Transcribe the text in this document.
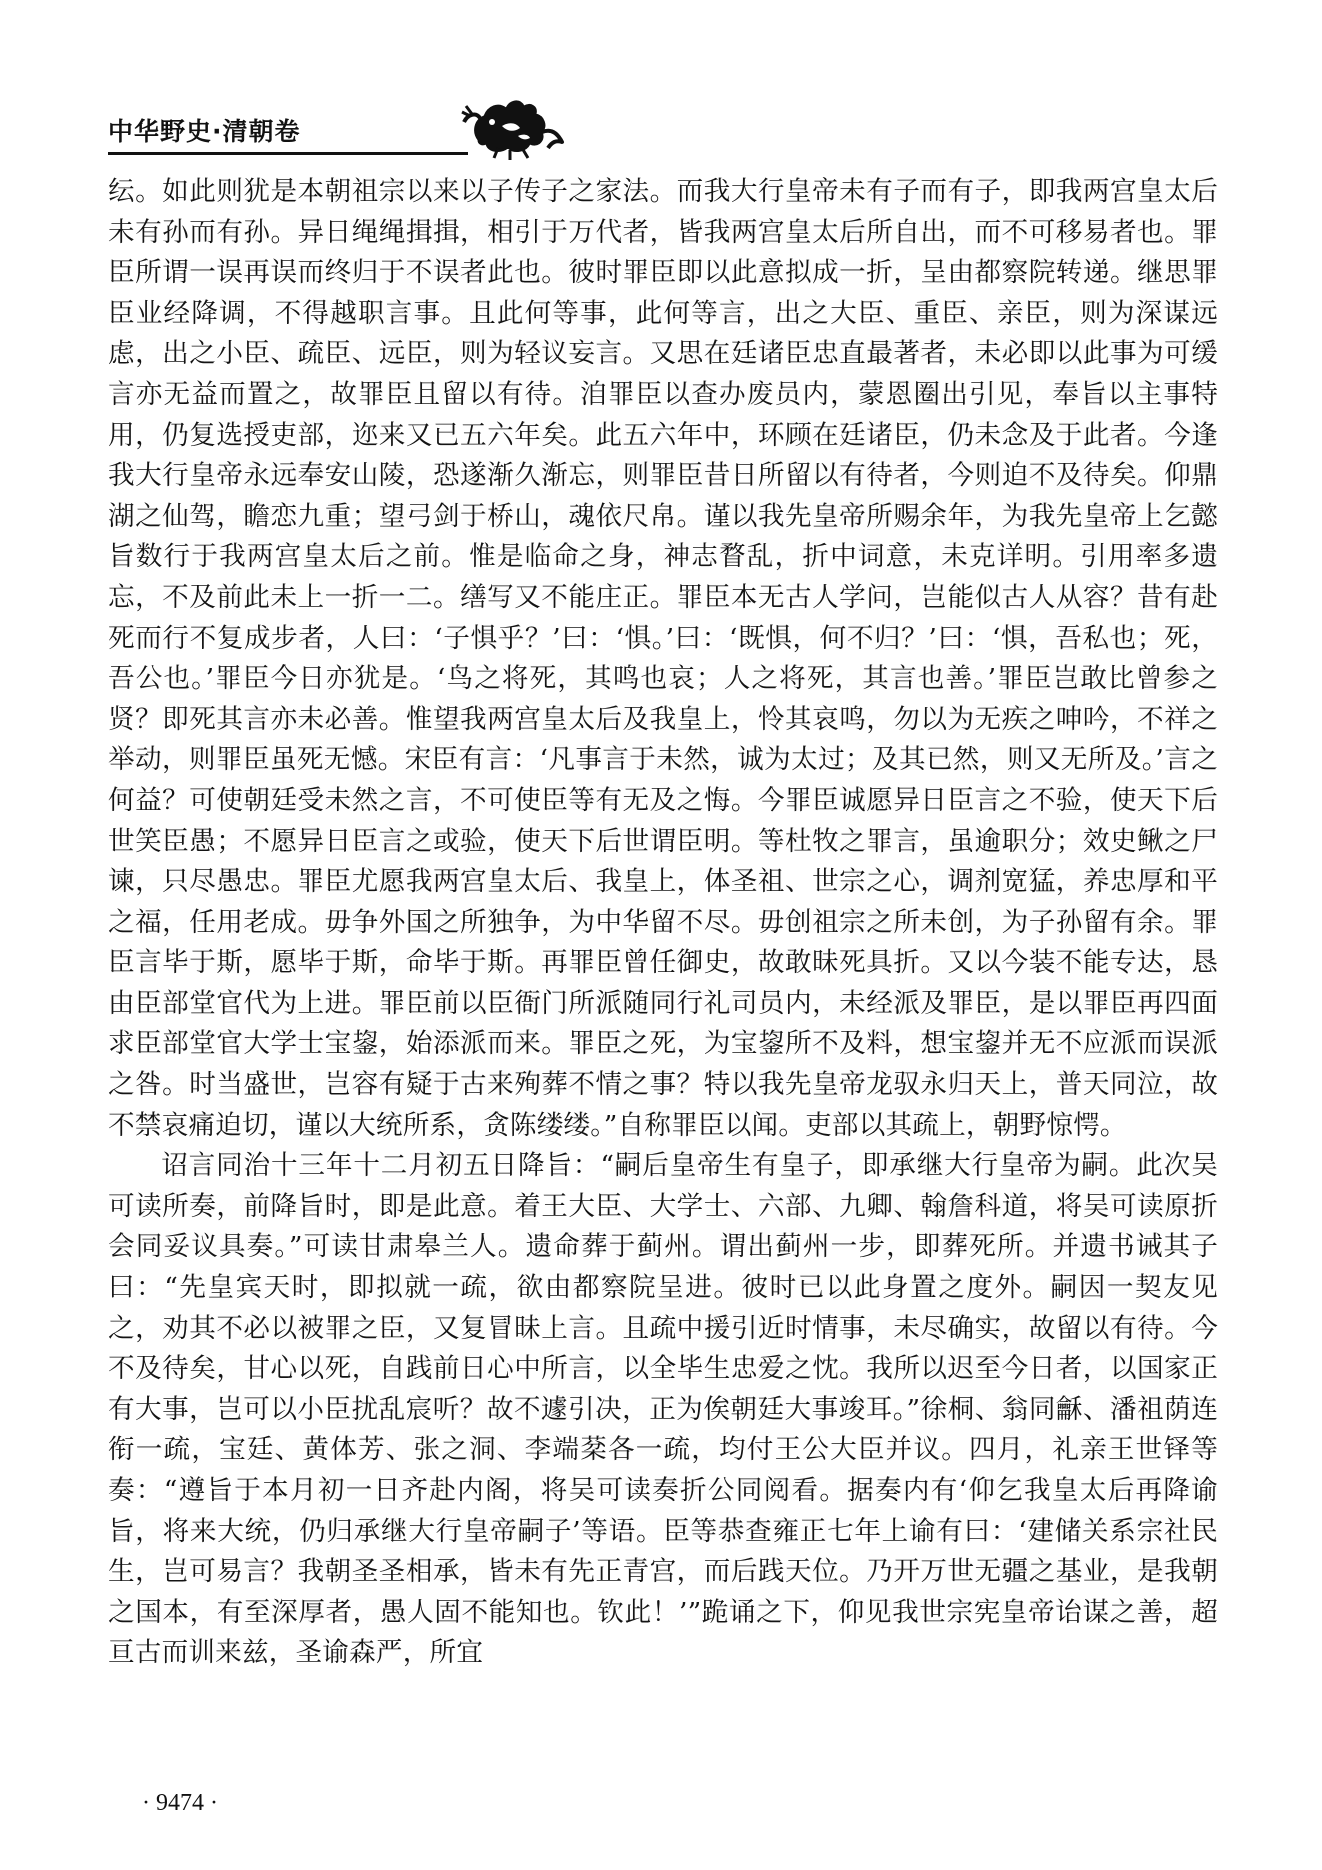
中华野史·清朝卷

纭。如此则犹是本朝祖宗以来以子传子之家法。而我大行皇帝未有子而有子，即我两宫皇太后未有孙而有孙。异日绳绳揖揖，相引于万代者，皆我两宫皇太后所自出，而不可移易者也。罪臣所谓一误再误而终归于不误者此也。彼时罪臣即以此意拟成一折，呈由都察院转递。继思罪臣业经降调，不得越职言事。且此何等事，此何等言，出之大臣、重臣、亲臣，则为深谋远虑，出之小臣、疏臣、远臣，则为轻议妄言。又思在廷诸臣忠直最著者，未必即以此事为可缓言亦无益而置之，故罪臣且留以有待。洎罪臣以查办废员内，蒙恩圈出引见，奉旨以主事特用，仍复选授吏部，迩来又已五六年矣。此五六年中，环顾在廷诸臣，仍未念及于此者。今逢我大行皇帝永远奉安山陵，恐遂渐久渐忘，则罪臣昔日所留以有待者，今则迫不及待矣。仰鼎湖之仙驾，瞻恋九重；望弓剑于桥山，魂依尺帛。谨以我先皇帝所赐余年，为我先皇帝上乞懿旨数行于我两宫皇太后之前。惟是临命之身，神志瞀乱，折中词意，未克详明。引用率多遗忘，不及前此未上一折一二。缮写又不能庄正。罪臣本无古人学问，岂能似古人从容？昔有赴死而行不复成步者，人曰：‘子惧乎？’曰：‘惧。’曰：‘既惧，何不归？’曰：‘惧，吾私也；死，吾公也。’罪臣今日亦犹是。‘鸟之将死，其鸣也哀；人之将死，其言也善。’罪臣岂敢比曾参之贤？即死其言亦未必善。惟望我两宫皇太后及我皇上，怜其哀鸣，勿以为无疾之呻吟，不祥之举动，则罪臣虽死无憾。宋臣有言：‘凡事言于未然，诚为太过；及其已然，则又无所及。’言之何益？可使朝廷受未然之言，不可使臣等有无及之悔。今罪臣诚愿异日臣言之不验，使天下后世笑臣愚；不愿异日臣言之或验，使天下后世谓臣明。等杜牧之罪言，虽逾职分；效史鳅之尸谏，只尽愚忠。罪臣尤愿我两宫皇太后、我皇上，体圣祖、世宗之心，调剂宽猛，养忠厚和平之福，任用老成。毋争外国之所独争，为中华留不尽。毋创祖宗之所未创，为子孙留有余。罪臣言毕于斯，愿毕于斯，命毕于斯。再罪臣曾任御史，故敢昧死具折。又以今装不能专达，恳由臣部堂官代为上进。罪臣前以臣衙门所派随同行礼司员内，未经派及罪臣，是以罪臣再四面求臣部堂官大学士宝鋆，始添派而来。罪臣之死，为宝鋆所不及料，想宝鋆并无不应派而误派之咎。时当盛世，岂容有疑于古来殉葬不情之事？特以我先皇帝龙驭永归天上，普天同泣，故不禁哀痛迫切，谨以大统所系，贪陈缕缕。”自称罪臣以闻。吏部以其疏上，朝野惊愕。

诏言同治十三年十二月初五日降旨：“嗣后皇帝生有皇子，即承继大行皇帝为嗣。此次吴可读所奏，前降旨时，即是此意。着王大臣、大学士、六部、九卿、翰詹科道，将吴可读原折会同妥议具奏。”可读甘肃皋兰人。遗命葬于蓟州。谓出蓟州一步，即葬死所。并遗书诫其子曰：“先皇宾天时，即拟就一疏，欲由都察院呈进。彼时已以此身置之度外。嗣因一契友见之，劝其不必以被罪之臣，又复冒昧上言。且疏中援引近时情事，未尽确实，故留以有待。今不及待矣，甘心以死，自践前日心中所言，以全毕生忠爱之忱。我所以迟至今日者，以国家正有大事，岂可以小臣扰乱宸听？故不遽引决，正为俟朝廷大事竣耳。”徐桐、翁同龢、潘祖荫连衔一疏，宝廷、黄体芳、张之洞、李端棻各一疏，均付王公大臣并议。四月，礼亲王世铎等奏：“遵旨于本月初一日齐赴内阁，将吴可读奏折公同阅看。据奏内有‘仰乞我皇太后再降谕旨，将来大统，仍归承继大行皇帝嗣子’等语。臣等恭查雍正七年上谕有曰：‘建储关系宗社民生，岂可易言？我朝圣圣相承，皆未有先正青宫，而后践天位。乃开万世无疆之基业，是我朝之国本，有至深厚者，愚人固不能知也。钦此！’”跪诵之下，仰见我世宗宪皇帝诒谋之善，超亘古而训来兹，圣谕森严，所宜

· 9474 ·
